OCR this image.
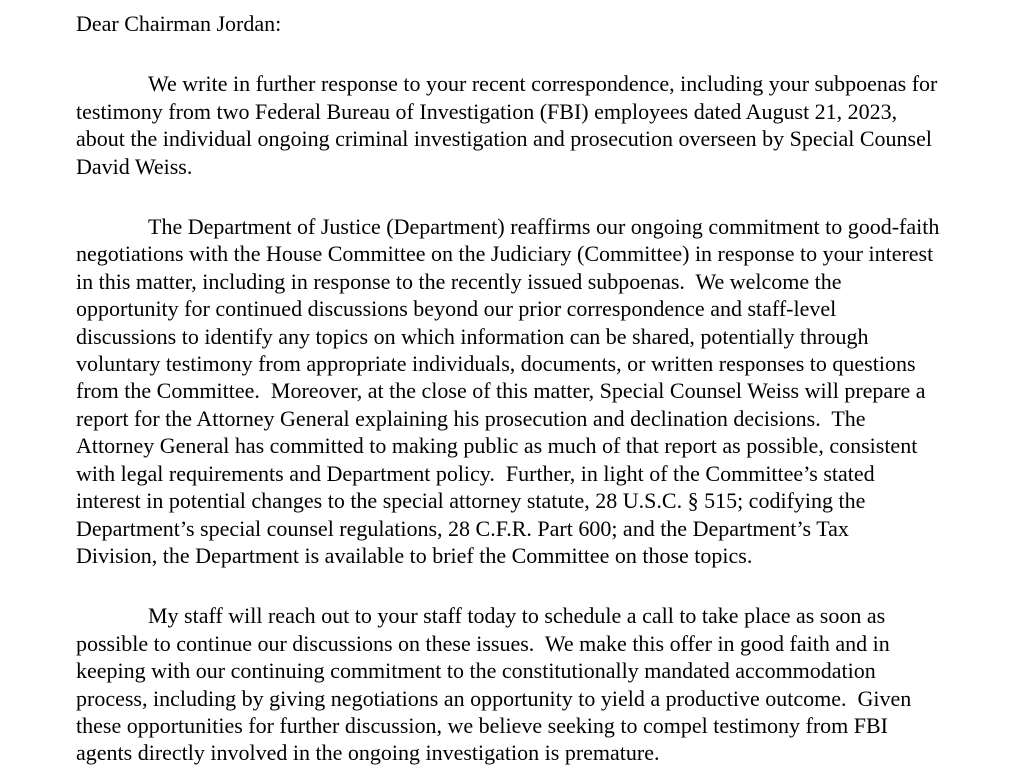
Dear Chairman Jordan:
We write in further response to your recent correspondence, including your subpoenas for
testimony from two Federal Bureau of Investigation (FBI) employees dated August 21, 2023,
about the individual ongoing criminal investigation and prosecution overseen by Special Counsel
David Weiss.
The Department of Justice (Department) reaffirms our ongoing commitment to good-faith
negotiations with the House Committee on the Judiciary (Committee) in response to your interest
in this matter, including in response to the recently issued subpoenas.  We welcome the
opportunity for continued discussions beyond our prior correspondence and staff-level
discussions to identify any topics on which information can be shared, potentially through
voluntary testimony from appropriate individuals, documents, or written responses to questions
from the Committee.  Moreover, at the close of this matter, Special Counsel Weiss will prepare a
report for the Attorney General explaining his prosecution and declination decisions.  The
Attorney General has committed to making public as much of that report as possible, consistent
with legal requirements and Department policy.  Further, in light of the Committee’s stated
interest in potential changes to the special attorney statute, 28 U.S.C. § 515; codifying the
Department’s special counsel regulations, 28 C.F.R. Part 600; and the Department’s Tax
Division, the Department is available to brief the Committee on those topics.
My staff will reach out to your staff today to schedule a call to take place as soon as
possible to continue our discussions on these issues.  We make this offer in good faith and in
keeping with our continuing commitment to the constitutionally mandated accommodation
process, including by giving negotiations an opportunity to yield a productive outcome.  Given
these opportunities for further discussion, we believe seeking to compel testimony from FBI
agents directly involved in the ongoing investigation is premature.
